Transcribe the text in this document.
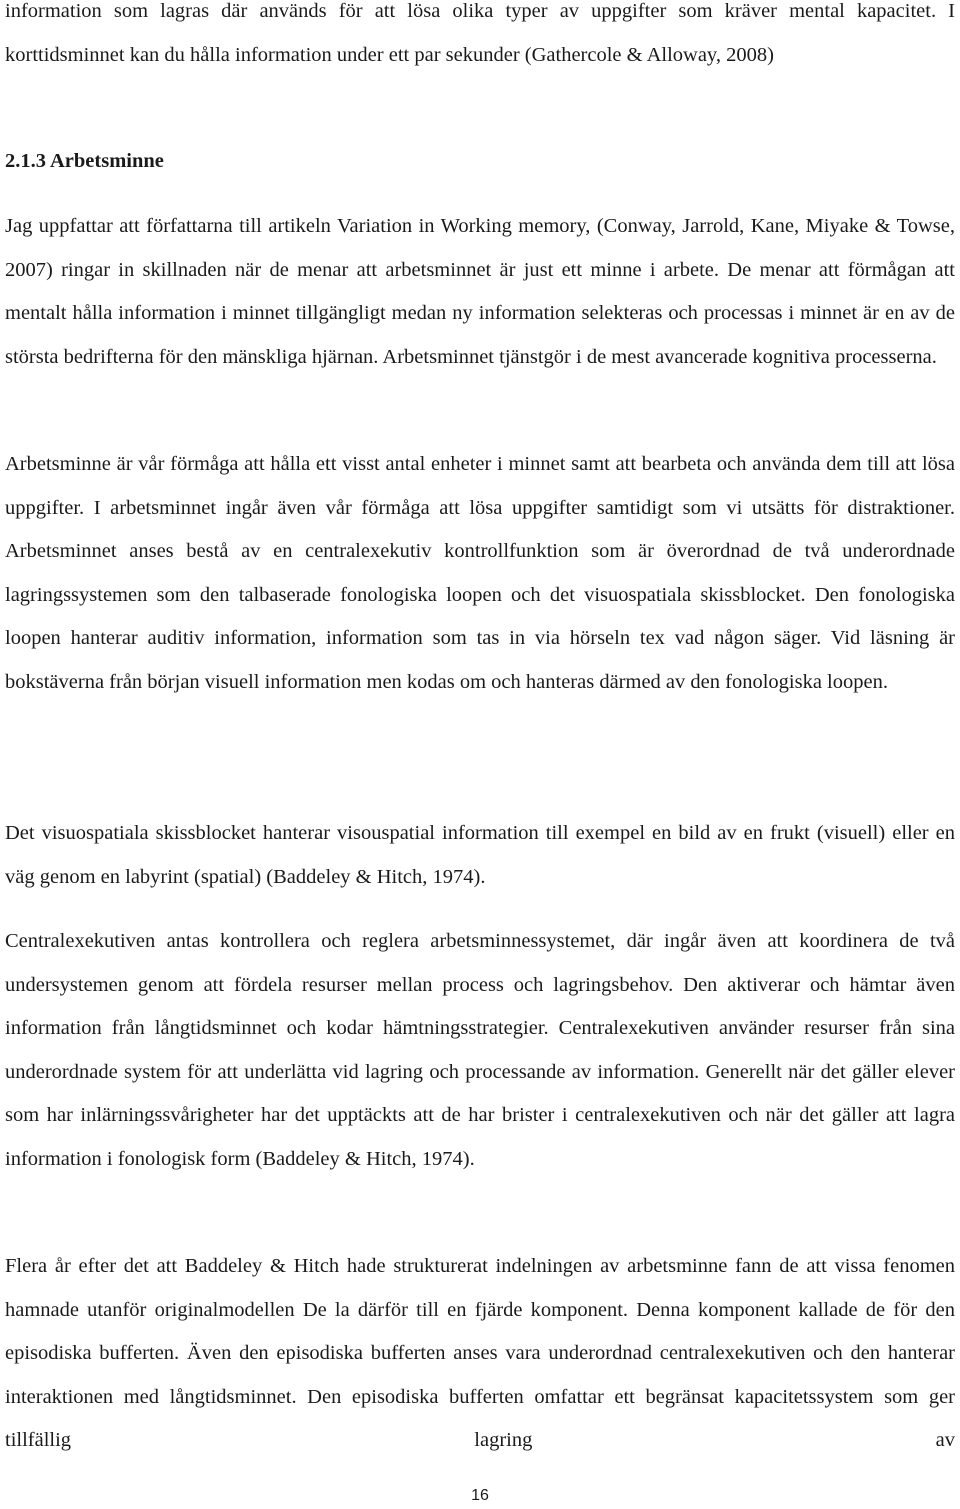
information som lagras där används för att lösa olika typer av uppgifter som kräver mental kapacitet. I korttidsminnet kan du hålla information under ett par sekunder (Gathercole & Alloway, 2008)

2.1.3 Arbetsminne

Jag uppfattar att författarna till artikeln Variation in Working memory, (Conway, Jarrold, Kane, Miyake & Towse, 2007) ringar in skillnaden när de menar att arbetsminnet är just ett minne i arbete. De menar att förmågan att mentalt hålla information i minnet tillgängligt medan ny information selekteras och processas i minnet är en av de största bedrifterna för den mänskliga hjärnan. Arbetsminnet tjänstgör i de mest avancerade kognitiva processerna.

Arbetsminne är vår förmåga att hålla ett visst antal enheter i minnet samt att bearbeta och använda dem till att lösa uppgifter. I arbetsminnet ingår även vår förmåga att lösa uppgifter samtidigt som vi utsätts för distraktioner. Arbetsminnet anses bestå av en centralexekutiv kontrollfunktion som är överordnad de två underordnade lagringssystemen som den talbaserade fonologiska loopen och det visuospatiala skissblocket. Den fonologiska loopen hanterar auditiv information, information som tas in via hörseln tex vad någon säger. Vid läsning är bokstäverna från början visuell information men kodas om och hanteras därmed av den fonologiska loopen.

Det visuospatiala skissblocket hanterar visouspatial information till exempel en bild av en frukt (visuell) eller en väg genom en labyrint (spatial) (Baddeley & Hitch, 1974).

Centralexekutiven antas kontrollera och reglera arbetsminnessystemet, där ingår även att koordinera de två undersystemen genom att fördela resurser mellan process och lagringsbehov. Den aktiverar och hämtar även information från långtidsminnet och kodar hämtningsstrategier. Centralexekutiven använder resurser från sina underordnade system för att underlätta vid lagring och processande av information. Generellt när det gäller elever som har inlärningssvårigheter har det upptäckts att de har brister i centralexekutiven och när det gäller att lagra information i fonologisk form (Baddeley & Hitch, 1974).

Flera år efter det att Baddeley & Hitch hade strukturerat indelningen av arbetsminne fann de att vissa fenomen hamnade utanför originalmodellen De la därför till en fjärde komponent. Denna komponent kallade de för den episodiska bufferten. Även den episodiska bufferten anses vara underordnad centralexekutiven och den hanterar interaktionen med långtidsminnet. Den episodiska bufferten omfattar ett begränsat kapacitetssystem som ger tillfällig lagring av

16
